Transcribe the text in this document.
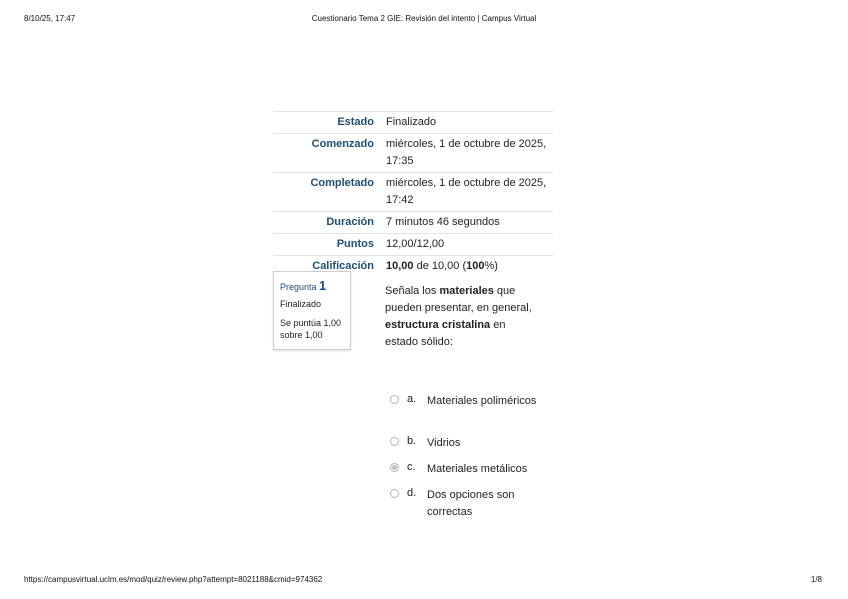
8/10/25, 17:47	Cuestionario Tema 2 GIE: Revisión del intento | Campus Virtual
Estado	Finalizado
Comenzado	miércoles, 1 de octubre de 2025, 17:35
Completado	miércoles, 1 de octubre de 2025, 17:42
Duración	7 minutos 46 segundos
Puntos	12,00/12,00
Calificación	10,00 de 10,00 (100%)
Pregunta 1
Finalizado
Se puntúa 1,00 sobre 1,00
Señala los materiales que pueden presentar, en general, estructura cristalina en estado sólido:
a. Materiales poliméricos
b. Vidrios
c. Materiales metálicos
d. Dos opciones son correctas
https://campusvirtual.uclm.es/mod/quiz/review.php?attempt=8021188&cmid=974362	1/8
